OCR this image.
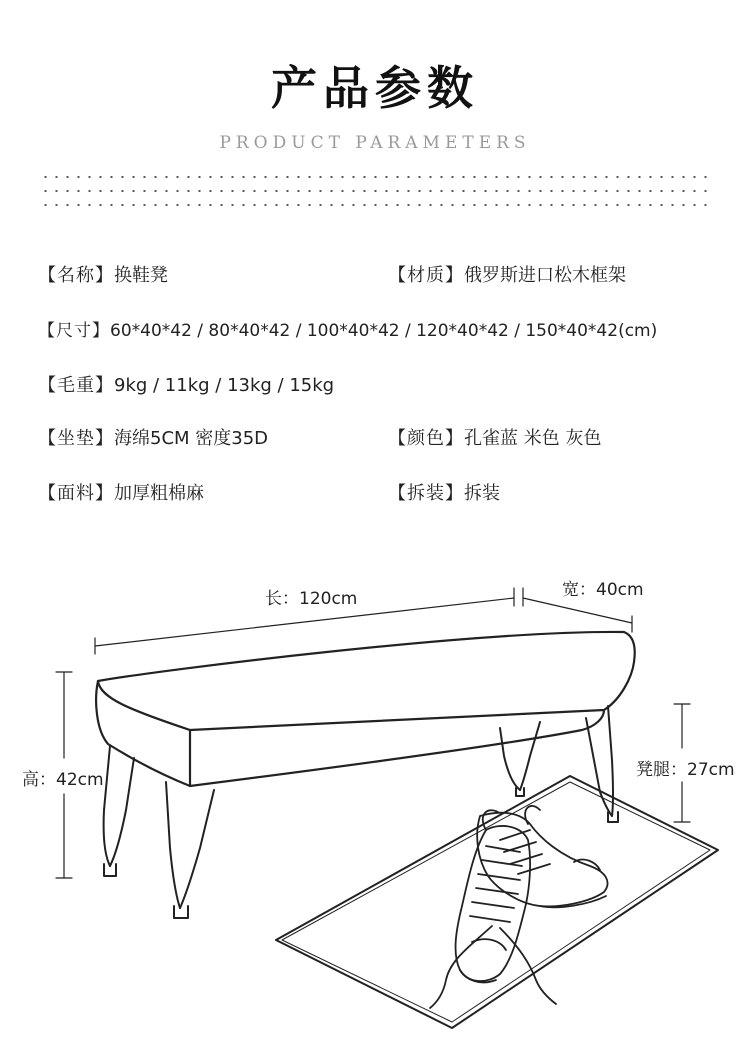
产品参数
PRODUCT PARAMETERS
【名称】换鞋凳	【材质】俄罗斯进口松木框架
【尺寸】60*40*42 / 80*40*42 / 100*40*42 / 120*40*42 / 150*40*42(cm)
【毛重】9kg / 11kg / 13kg / 15kg
【坐垫】海绵5CM 密度35D	【颜色】孔雀蓝 米色 灰色
【面料】加厚粗棉麻	【拆装】拆装
长：120cm	宽：40cm
高：42cm	凳腿：27cm
